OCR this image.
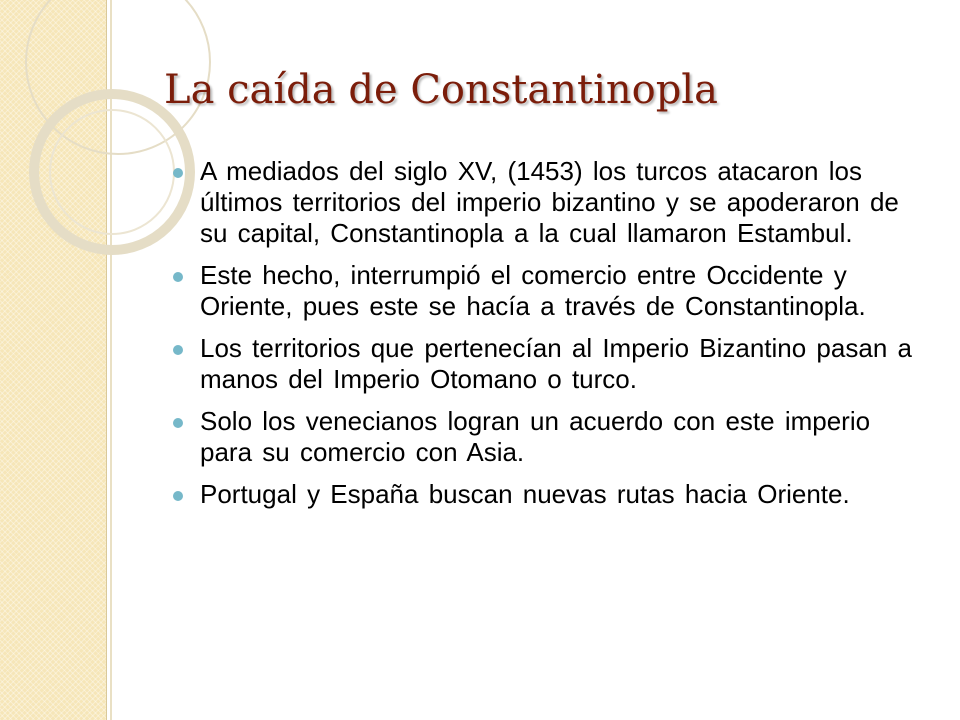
La caída de Constantinopla
A mediados del siglo XV, (1453) los turcos atacaron los últimos territorios del imperio bizantino y se apoderaron de su capital, Constantinopla a la cual llamaron Estambul.
Este hecho, interrumpió el comercio entre Occidente y Oriente, pues este se hacía a través de Constantinopla.
Los territorios que pertenecían al Imperio Bizantino pasan a manos del Imperio Otomano o turco.
Solo los venecianos logran un acuerdo con este imperio para su comercio con Asia.
Portugal y España buscan nuevas rutas hacia Oriente.
